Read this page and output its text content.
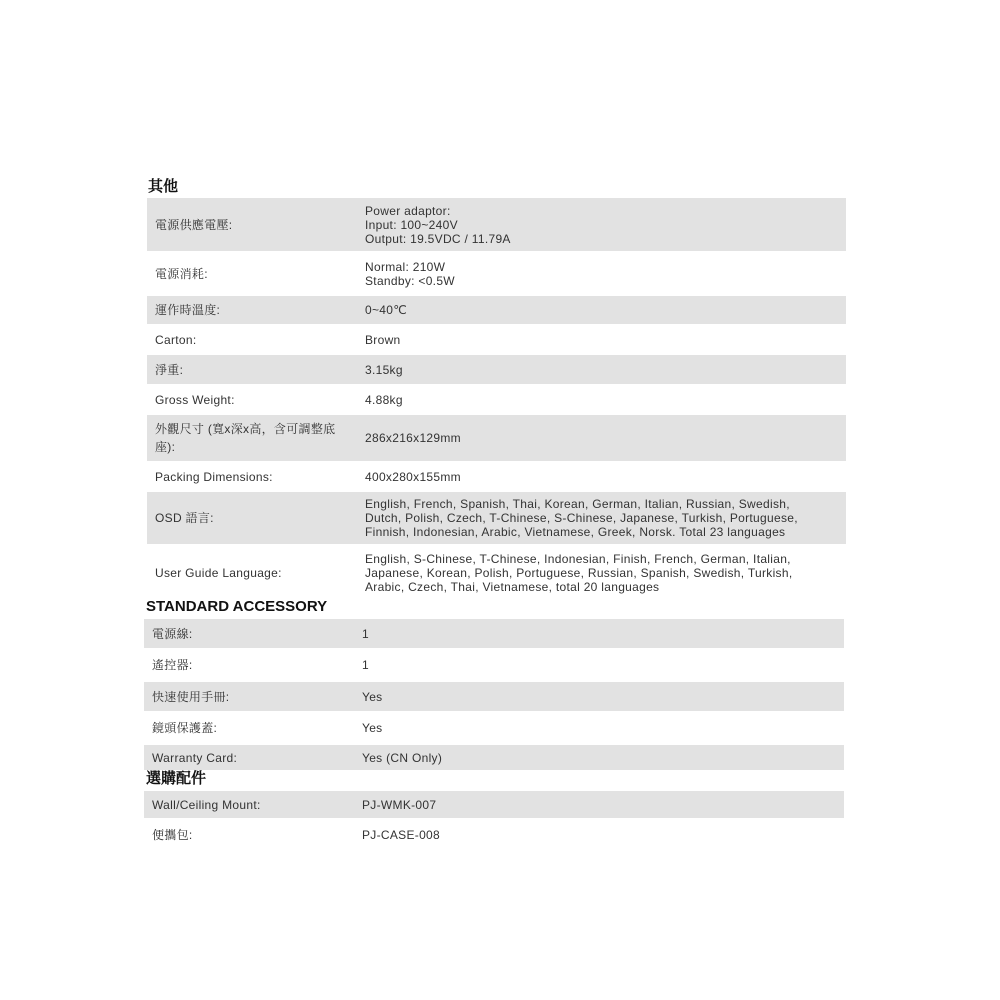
其他
電源供應電壓:	Power adaptor:
Input: 100~240V
Output: 19.5VDC / 11.79A

電源消耗:	Normal: 210W
Standby: <0.5W

運作時溫度:	0~40℃
Carton:	Brown
淨重:	3.15kg
Gross Weight:	4.88kg

外觀尺寸 (寬x深x高，含可調整底
座):	286x216x129mm
Packing Dimensions:	400x280x155mm
OSD 語言:	English, French, Spanish, Thai, Korean, German, Italian, Russian, Swedish,
Dutch, Polish, Czech, T-Chinese, S-Chinese, Japanese, Turkish, Portuguese,
Finnish, Indonesian, Arabic, Vietnamese, Greek, Norsk. Total 23 languages

User Guide Language:	English, S-Chinese, T-Chinese, Indonesian, Finish, French, German, Italian,
Japanese, Korean, Polish, Portuguese, Russian, Spanish, Swedish, Turkish,
Arabic, Czech, Thai, Vietnamese, total 20 languages
STANDARD ACCESSORY
電源線:	1
遙控器:	1
快速使用手冊:	Yes
鏡頭保護蓋:	Yes
Warranty Card:	Yes (CN Only)
選購配件
Wall/Ceiling Mount:	PJ-WMK-007
便攜包:	PJ-CASE-008
